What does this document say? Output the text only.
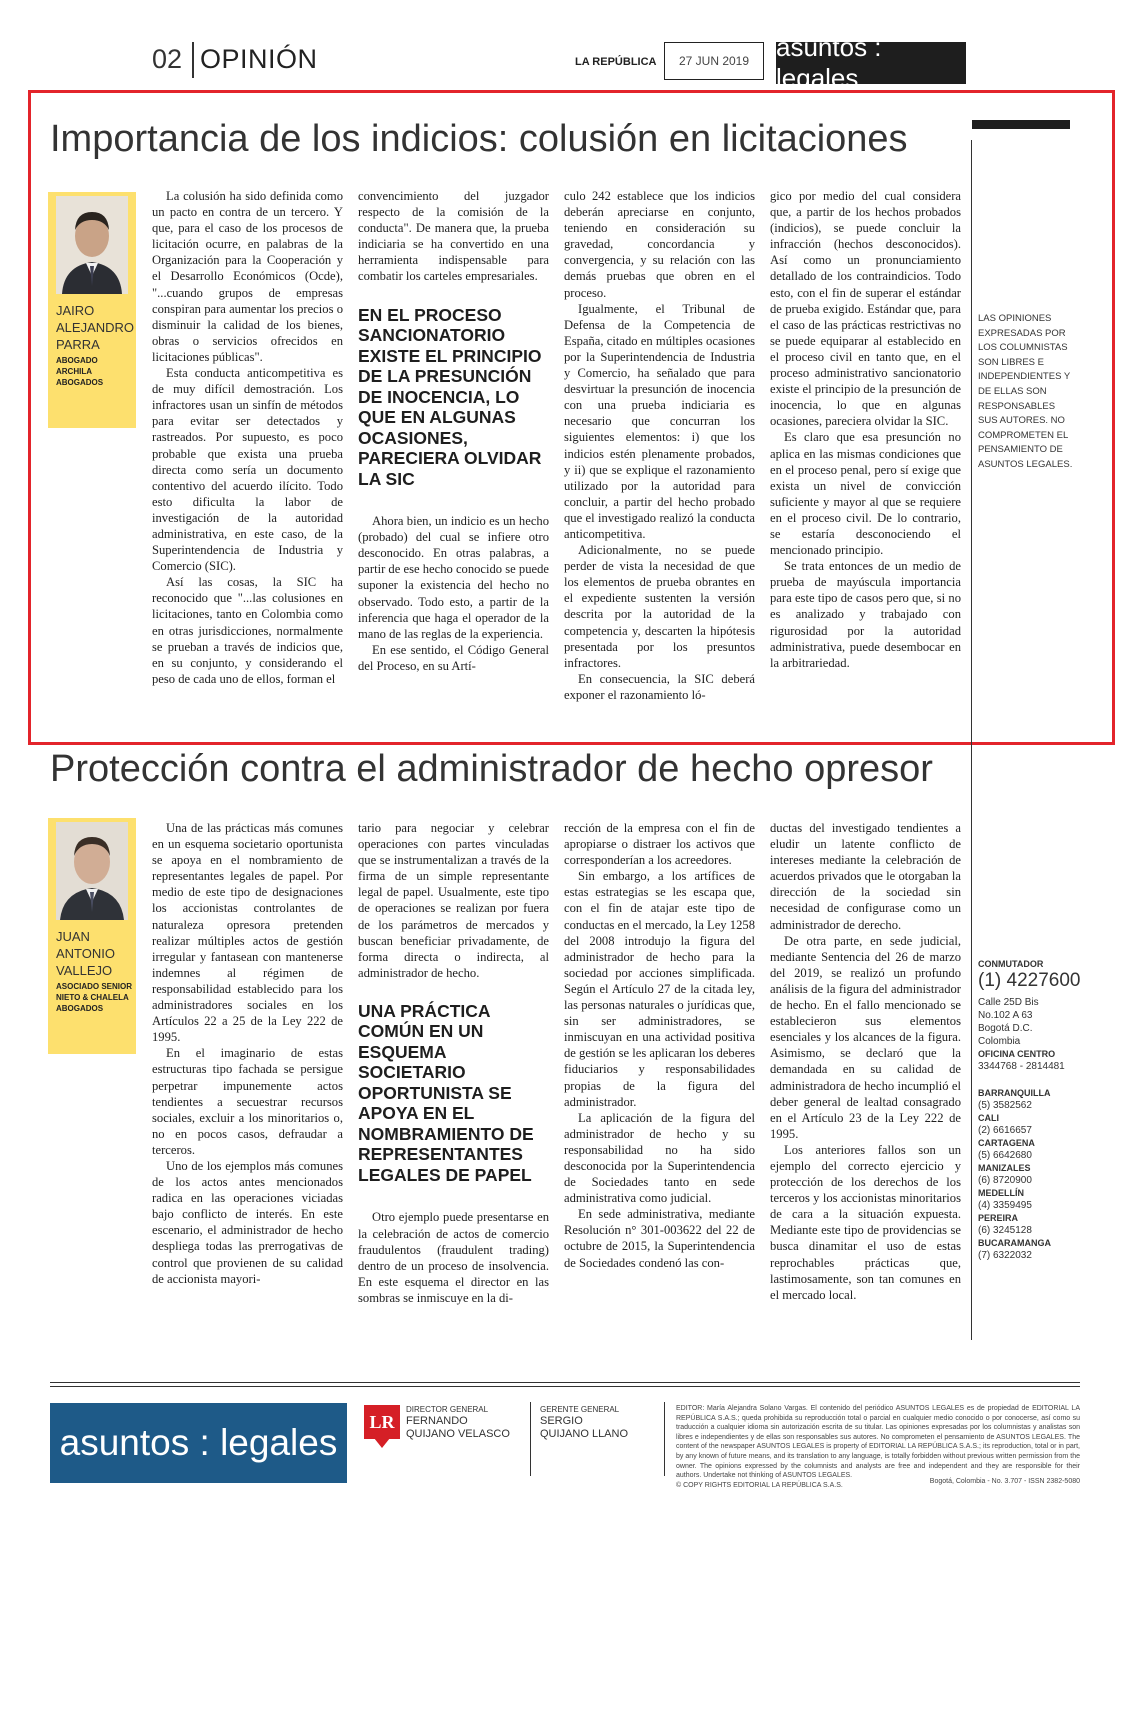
02 OPINIÓN	LA REPÚBLICA	27 JUN 2019	asuntos : legales
Importancia de los indicios: colusión en licitaciones
JAIRO
ALEJANDRO
PARRA
ABOGADO
ARCHILA
ABOGADOS

La colusión ha sido definida como un pacto en contra de un tercero. Y que, para el caso de los procesos de licitación ocurre, en palabras de la Organización para la Cooperación y el Desarrollo Económicos (Ocde), "...cuando grupos de empresas conspiran para aumentar los precios o disminuir la calidad de los bienes, obras o servicios ofrecidos en licitaciones públicas".

Esta conducta anticompetitiva es de muy difícil demostración. Los infractores usan un sinfín de métodos para evitar ser detectados y rastreados. Por supuesto, es poco probable que exista una prueba directa como sería un documento contentivo del acuerdo ilícito. Todo esto dificulta la labor de investigación de la autoridad administrativa, en este caso, de la Superintendencia de Industria y Comercio (SIC).

Así las cosas, la SIC ha reconocido que "...las colusiones en licitaciones, tanto en Colombia como en otras jurisdicciones, normalmente se prueban a través de indicios que, en su conjunto, y considerando el peso de cada uno de ellos, forman el

convencimiento del juzgador respecto de la comisión de la conducta". De manera que, la prueba indiciaria se ha convertido en una herramienta indispensable para combatir los carteles empresariales.

EN EL PROCESO SANCIONATORIO EXISTE EL PRINCIPIO DE LA PRESUNCIÓN DE INOCENCIA, LO QUE EN ALGUNAS OCASIONES, PARECIERA OLVIDAR LA SIC

Ahora bien, un indicio es un hecho (probado) del cual se infiere otro desconocido. En otras palabras, a partir de ese hecho conocido se puede suponer la existencia del hecho no observado. Todo esto, a partir de la inferencia que haga el operador de la mano de las reglas de la experiencia.

En ese sentido, el Código General del Proceso, en su Artí-

culo 242 establece que los indicios deberán apreciarse en conjunto, teniendo en consideración su gravedad, concordancia y convergencia, y su relación con las demás pruebas que obren en el proceso.

Igualmente, el Tribunal de Defensa de la Competencia de España, citado en múltiples ocasiones por la Superintendencia de Industria y Comercio, ha señalado que para desvirtuar la presunción de inocencia con una prueba indiciaria es necesario que concurran los siguientes elementos: i) que los indicios estén plenamente probados, y ii) que se explique el razonamiento utilizado por la autoridad para concluir, a partir del hecho probado que el investigado realizó la conducta anticompetitiva.

Adicionalmente, no se puede perder de vista la necesidad de que los elementos de prueba obrantes en el expediente sustenten la versión descrita por la autoridad de la competencia y, descarten la hipótesis presentada por los presuntos infractores.

En consecuencia, la SIC deberá exponer el razonamiento ló-

gico por medio del cual considera que, a partir de los hechos probados (indicios), se puede concluir la infracción (hechos desconocidos). Así como un pronunciamiento detallado de los contraindicios. Todo esto, con el fin de superar el estándar de prueba exigido. Estándar que, para el caso de las prácticas restrictivas no se puede equiparar al establecido en el proceso civil en tanto que, en el proceso administrativo sancionatorio existe el principio de la presunción de inocencia, lo que en algunas ocasiones, pareciera olvidar la SIC.

Es claro que esa presunción no aplica en las mismas condiciones que en el proceso penal, pero sí exige que exista un nivel de convicción suficiente y mayor al que se requiere en el proceso civil. De lo contrario, se estaría desconociendo el mencionado principio.

Se trata entonces de un medio de prueba de mayúscula importancia para este tipo de casos pero que, si no es analizado y trabajado con rigurosidad por la autoridad administrativa, puede desembocar en la arbitrariedad.

LAS OPINIONES EXPRESADAS POR LOS COLUMNISTAS SON LIBRES E INDEPENDIENTES Y DE ELLAS SON RESPONSABLES SUS AUTORES. NO COMPROMETEN EL PENSAMIENTO DE ASUNTOS LEGALES.
Protección contra el administrador de hecho opresor
JUAN
ANTONIO
VALLEJO
ASOCIADO SENIOR
NIETO & CHALELA
ABOGADOS

Una de las prácticas más comunes en un esquema societario oportunista se apoya en el nombramiento de representantes legales de papel. Por medio de este tipo de designaciones los accionistas controlantes de naturaleza opresora pretenden realizar múltiples actos de gestión irregular y fantasean con mantenerse indemnes al régimen de responsabilidad establecido para los administradores sociales en los Artículos 22 a 25 de la Ley 222 de 1995.

En el imaginario de estas estructuras tipo fachada se persigue perpetrar impunemente actos tendientes a secuestrar recursos sociales, excluir a los minoritarios o, no en pocos casos, defraudar a terceros.

Uno de los ejemplos más comunes de los actos antes mencionados radica en las operaciones viciadas bajo conflicto de interés. En este escenario, el administrador de hecho despliega todas las prerrogativas de control que provienen de su calidad de accionista mayori-

tario para negociar y celebrar operaciones con partes vinculadas que se instrumentalizan a través de la firma de un simple representante legal de papel. Usualmente, este tipo de operaciones se realizan por fuera de los parámetros de mercados y buscan beneficiar privadamente, de forma directa o indirecta, al administrador de hecho.

UNA PRÁCTICA COMÚN EN UN ESQUEMA SOCIETARIO OPORTUNISTA SE APOYA EN EL NOMBRAMIENTO DE REPRESENTANTES LEGALES DE PAPEL

Otro ejemplo puede presentarse en la celebración de actos de comercio fraudulentos (fraudulent trading) dentro de un proceso de insolvencia. En este esquema el director en las sombras se inmiscuye en la di-

rección de la empresa con el fin de apropiarse o distraer los activos que corresponderían a los acreedores.

Sin embargo, a los artífices de estas estrategias se les escapa que, con el fin de atajar este tipo de conductas en el mercado, la Ley 1258 del 2008 introdujo la figura del administrador de hecho para la sociedad por acciones simplificada. Según el Artículo 27 de la citada ley, las personas naturales o jurídicas que, sin ser administradores, se inmiscuyan en una actividad positiva de gestión se les aplicaran los deberes fiduciarios y responsabilidades propias de la figura del administrador.

La aplicación de la figura del administrador de hecho y su responsabilidad no ha sido desconocida por la Superintendencia de Sociedades tanto en sede administrativa como judicial.

En sede administrativa, mediante Resolución n° 301-003622 del 22 de octubre de 2015, la Superintendencia de Sociedades condenó las con-

ductas del investigado tendientes a eludir un latente conflicto de intereses mediante la celebración de acuerdos privados que le otorgaban la dirección de la sociedad sin necesidad de configurase como un administrador de derecho.

De otra parte, en sede judicial, mediante Sentencia del 26 de marzo del 2019, se realizó un profundo análisis de la figura del administrador de hecho. En el fallo mencionado se establecieron sus elementos esenciales y los alcances de la figura. Asimismo, se declaró que la demandada en su calidad de administradora de hecho incumplió el deber general de lealtad consagrado en el Artículo 23 de la Ley 222 de 1995.

Los anteriores fallos son un ejemplo del correcto ejercicio y protección de los derechos de los terceros y los accionistas minoritarios de cara a la situación expuesta. Mediante este tipo de providencias se busca dinamitar el uso de estas reprochables prácticas que, lastimosamente, son tan comunes en el mercado local.

CONMUTADOR
(1) 4227600
Calle 25D Bis
No.102 A 63
Bogotá D.C.
Colombia
OFICINA CENTRO
3344768 - 2814481
BARRANQUILLA
(5) 3582562
CALI
(2) 6616657
CARTAGENA
(5) 6642680
MANIZALES
(6) 8720900
MEDELLÍN
(4) 3359495
PEREIRA
(6) 3245128
BUCARAMANGA
(7) 6322032
asuntos : legales
LR
DIRECTOR GENERAL
FERNANDO
QUIJANO VELASCO
GERENTE GENERAL
SERGIO
QUIJANO LLANO
EDITOR: María Alejandra Solano Vargas. El contenido del periódico ASUNTOS LEGALES es de propiedad de EDITORIAL LA REPÚBLICA S.A.S.; queda prohibida su reproducción total o parcial en cualquier medio conocido o por conocerse, así como su traducción a cualquier idioma sin autorización escrita de su titular. Las opiniones expresadas por los columnistas y analistas son libres e independientes y de ellas son responsables sus autores. No comprometen el pensamiento de ASUNTOS LEGALES. The content of the newspaper ASUNTOS LEGALES is property of EDITORIAL LA REPÚBLICA S.A.S.; its reproduction, total or in part, by any known of future means, and its translation to any language, is totally forbidden without previous written permission from the owner. The opinions expressed by the columnists and analysts are free and independent and they are responsible for their authors. Undertake not thinking of ASUNTOS LEGALES.
© COPY RIGHTS EDITORIAL LA REPÚBLICA S.A.S.
Bogotá, Colombia - No. 3.707 - ISSN 2382-5080
